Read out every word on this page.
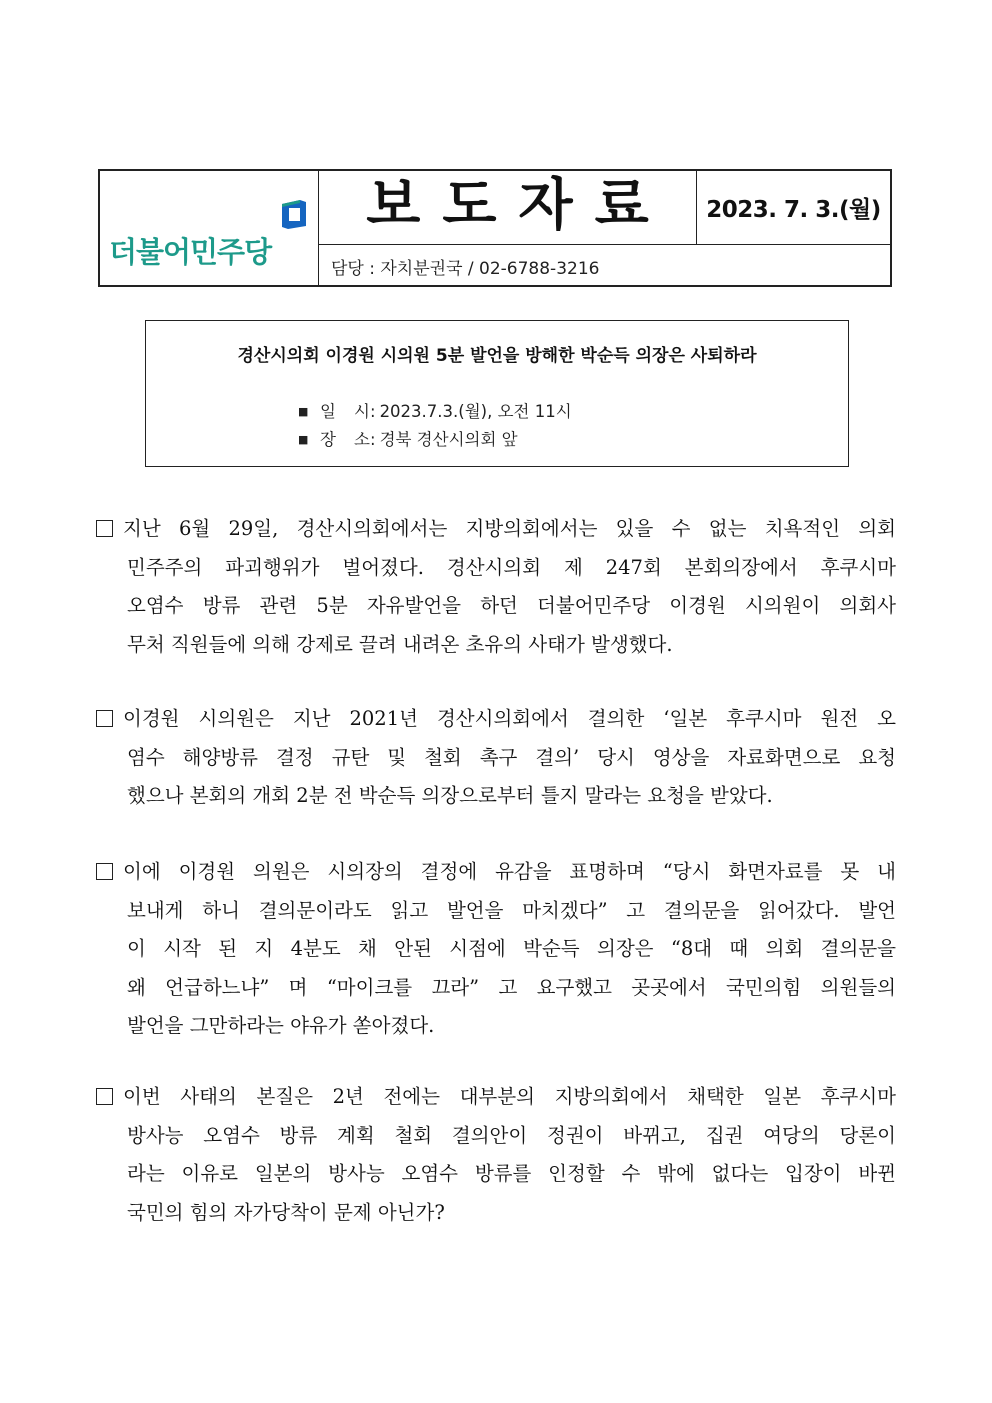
더불어민주당
보도자료	2023. 7. 3.(월)
담당 : 자치분권국 / 02-6788-3216
경산시의회 이경원 시의원 5분 발언을 방해한 박순득 의장은 사퇴하라
■ 일 시: 2023.7.3.(월), 오전 11시
■ 장 소: 경북 경산시의회 앞
지난 6월 29일, 경산시의회에서는 지방의회에서는 있을 수 없는 치욕적인 의회
민주주의 파괴행위가 벌어졌다. 경산시의회 제 247회 본회의장에서 후쿠시마
오염수 방류 관련 5분 자유발언을 하던 더불어민주당 이경원 시의원이 의회사
무처 직원들에 의해 강제로 끌려 내려온 초유의 사태가 발생했다.
이경원 시의원은 지난 2021년 경산시의회에서 결의한 ‘일본 후쿠시마 원전 오
염수 해양방류 결정 규탄 및 철회 촉구 결의’ 당시 영상을 자료화면으로 요청
했으나 본회의 개회 2분 전 박순득 의장으로부터 틀지 말라는 요청을 받았다.
이에 이경원 의원은 시의장의 결정에 유감을 표명하며 “당시 화면자료를 못 내
보내게 하니 결의문이라도 읽고 발언을 마치겠다” 고 결의문을 읽어갔다. 발언
이 시작 된 지 4분도 채 안된 시점에 박순득 의장은 “8대 때 의회 결의문을
왜 언급하느냐” 며 “마이크를 끄라” 고 요구했고 곳곳에서 국민의힘 의원들의
발언을 그만하라는 야유가 쏟아졌다.
이번 사태의 본질은 2년 전에는 대부분의 지방의회에서 채택한 일본 후쿠시마
방사능 오염수 방류 계획 철회 결의안이 정권이 바뀌고, 집권 여당의 당론이
라는 이유로 일본의 방사능 오염수 방류를 인정할 수 밖에 없다는 입장이 바뀐
국민의 힘의 자가당착이 문제 아닌가?
